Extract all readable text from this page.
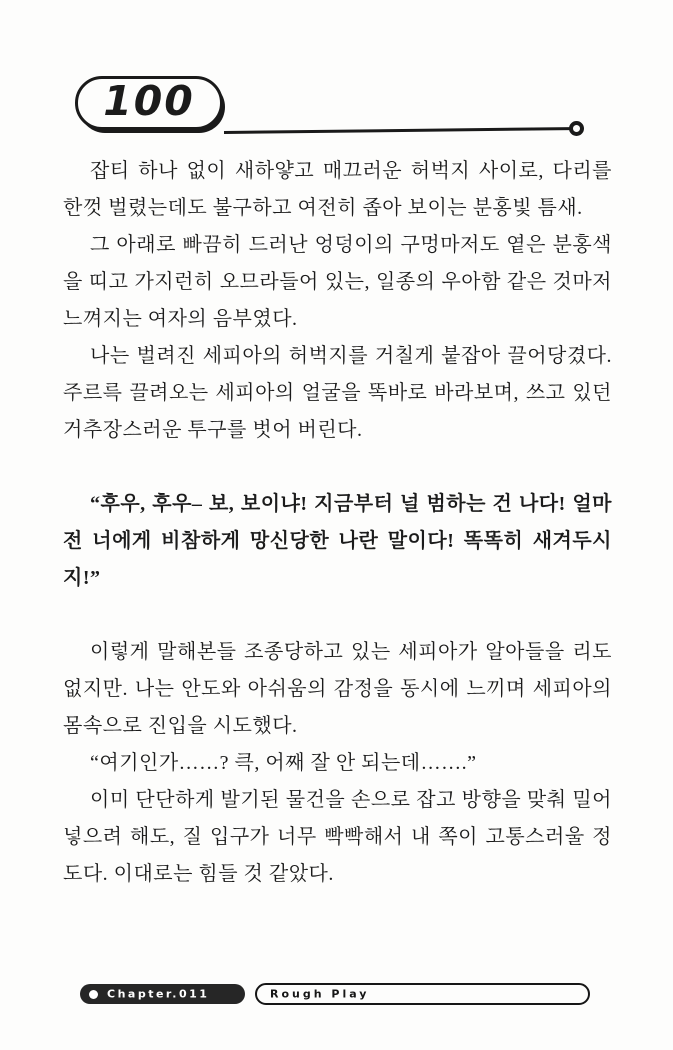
100

잡티 하나 없이 새하얗고 매끄러운 허벅지 사이로, 다리를 한껏 벌렸는데도 불구하고 여전히 좁아 보이는 분홍빛 틈새.

그 아래로 빠끔히 드러난 엉덩이의 구멍마저도 옅은 분홍색을 띠고 가지런히 오므라들어 있는, 일종의 우아함 같은 것마저 느껴지는 여자의 음부였다.

나는 벌려진 세피아의 허벅지를 거칠게 붙잡아 끌어당겼다. 주르륵 끌려오는 세피아의 얼굴을 똑바로 바라보며, 쓰고 있던 거추장스러운 투구를 벗어 버린다.

“후우, 후우– 보, 보이냐! 지금부터 널 범하는 건 나다! 얼마 전 너에게 비참하게 망신당한 나란 말이다! 똑똑히 새겨두시지!”

이렇게 말해본들 조종당하고 있는 세피아가 알아들을 리도 없지만. 나는 안도와 아쉬움의 감정을 동시에 느끼며 세피아의 몸속으로 진입을 시도했다.

“여기인가……? 큭, 어째 잘 안 되는데…….”

이미 단단하게 발기된 물건을 손으로 잡고 방향을 맞춰 밀어 넣으려 해도, 질 입구가 너무 빡빡해서 내 쪽이 고통스러울 정도다. 이대로는 힘들 것 같았다.

Chapter.011	Rough Play
